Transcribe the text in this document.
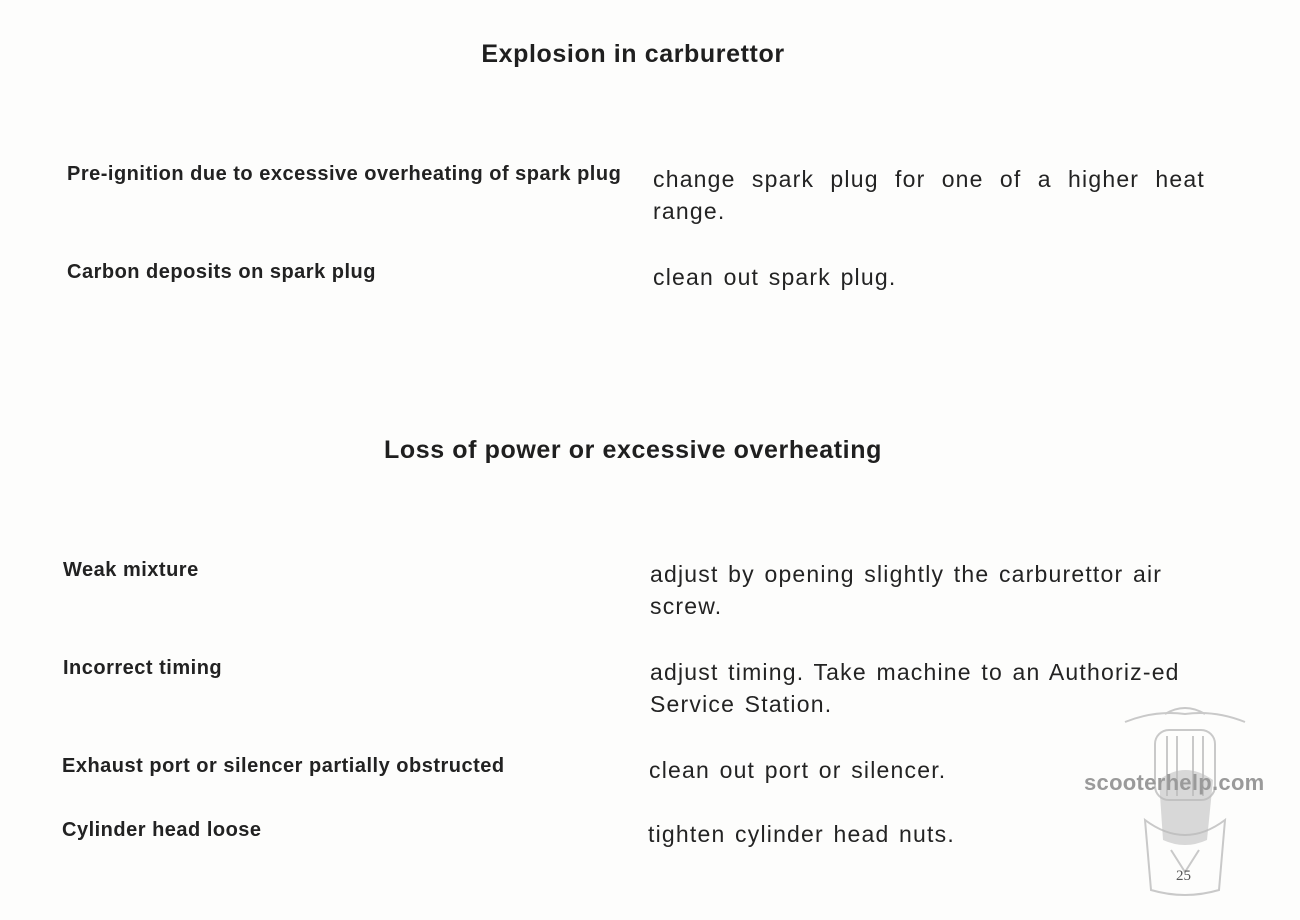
Explosion in carburettor
Pre-ignition due to excessive overheating of spark plug	change spark plug for one of a higher heat range.
Carbon deposits on spark plug	clean out spark plug.
Loss of power or excessive overheating
Weak mixture	adjust by opening slightly the carburettor air screw.
Incorrect timing	adjust timing. Take machine to an Authoriz-ed Service Station.
Exhaust port or silencer partially obstructed	clean out port or silencer.
Cylinder head loose	tighten cylinder head nuts.
scooterhelp.com
25
